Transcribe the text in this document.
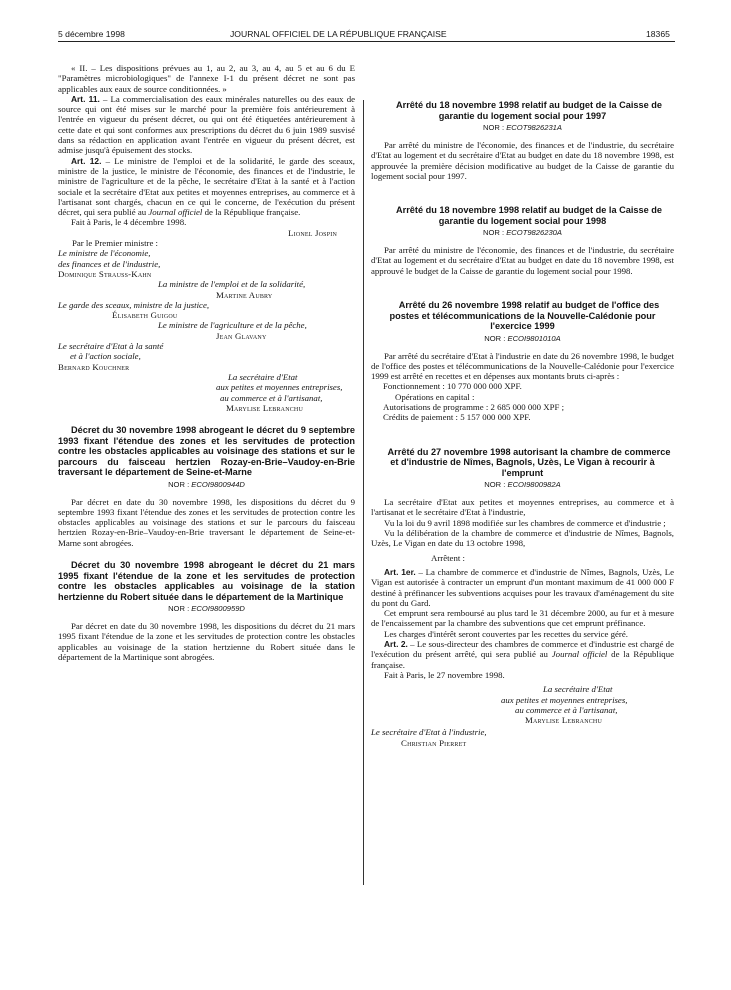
5 décembre 1998	JOURNAL OFFICIEL DE LA RÉPUBLIQUE FRANÇAISE	18365

« II. – Les dispositions prévues au 1, au 2, au 3, au 4, au 5 et au 6 du E "Paramètres microbiologiques" de l'annexe I-1 du présent décret ne sont pas applicables aux eaux de source conditionnées. »

Art. 11. – La commercialisation des eaux minérales naturelles ou des eaux de source qui ont été mises sur le marché pour la première fois antérieurement à l'entrée en vigueur du présent décret, ou qui ont été étiquetées antérieurement à cette date et qui sont conformes aux prescriptions du décret du 6 juin 1989 susvisé dans sa rédaction en application avant l'entrée en vigueur du présent décret, est admise jusqu'à épuisement des stocks.

Art. 12. – Le ministre de l'emploi et de la solidarité, le garde des sceaux, ministre de la justice, le ministre de l'économie, des finances et de l'industrie, le ministre de l'agriculture et de la pêche, le secrétaire d'Etat à la santé et à l'action sociale et la secrétaire d'Etat aux petites et moyennes entreprises, au commerce et à l'artisanat sont chargés, chacun en ce qui le concerne, de l'exécution du présent décret, qui sera publié au Journal officiel de la République française.

Fait à Paris, le 4 décembre 1998.

Lionel Jospin
Par le Premier ministre :
Le ministre de l'économie,
des finances et de l'industrie,
Dominique Strauss-Kahn
La ministre de l'emploi et de la solidarité,
Martine Aubry
Le garde des sceaux, ministre de la justice,
Élisabeth Guigou
Le ministre de l'agriculture et de la pêche,
Jean Glavany
Le secrétaire d'Etat à la santé
et à l'action sociale,
Bernard Kouchner
La secrétaire d'Etat
aux petites et moyennes entreprises,
au commerce et à l'artisanat,
Marylise Lebranchu

Décret du 30 novembre 1998 abrogeant le décret du 9 septembre 1993 fixant l'étendue des zones et les servitudes de protection contre les obstacles applicables au voisinage des stations et sur le parcours du faisceau hertzien Rozay-en-Brie–Vaudoy-en-Brie traversant le département de Seine-et-Marne

NOR : ECOI9800944D

Par décret en date du 30 novembre 1998, les dispositions du décret du 9 septembre 1993 fixant l'étendue des zones et les servitudes de protection contre les obstacles applicables au voisinage des stations et sur le parcours du faisceau hertzien Rozay-en-Brie–Vaudoy-en-Brie traversant le département de Seine-et-Marne sont abrogées.

Décret du 30 novembre 1998 abrogeant le décret du 21 mars 1995 fixant l'étendue de la zone et les servitudes de protection contre les obstacles applicables au voisinage de la station hertzienne du Robert située dans le département de la Martinique

NOR : ECOI9800959D

Par décret en date du 30 novembre 1998, les dispositions du décret du 21 mars 1995 fixant l'étendue de la zone et les servitudes de protection contre les obstacles applicables au voisinage de la station hertzienne du Robert située dans le département de la Martinique sont abrogées.

Arrêté du 18 novembre 1998 relatif au budget de la Caisse de garantie du logement social pour 1997

NOR : ECOT9826231A

Par arrêté du ministre de l'économie, des finances et de l'industrie, du secrétaire d'Etat au logement et du secrétaire d'Etat au budget en date du 18 novembre 1998, est approuvée la première décision modificative au budget de la Caisse de garantie du logement social pour 1997.

Arrêté du 18 novembre 1998 relatif au budget de la Caisse de garantie du logement social pour 1998

NOR : ECOT9826230A

Par arrêté du ministre de l'économie, des finances et de l'industrie, du secrétaire d'Etat au logement et du secrétaire d'Etat au budget en date du 18 novembre 1998, est approuvé le budget de la Caisse de garantie du logement social pour 1998.

Arrêté du 26 novembre 1998 relatif au budget de l'office des postes et télécommunications de la Nouvelle-Calédonie pour l'exercice 1999

NOR : ECOI9801010A

Par arrêté du secrétaire d'Etat à l'industrie en date du 26 novembre 1998, le budget de l'office des postes et télécommunications de la Nouvelle-Calédonie pour l'exercice 1999 est arrêté en recettes et en dépenses aux montants bruts ci-après :

Fonctionnement : 10 770 000 000 XPF.
Opérations en capital :
Autorisations de programme : 2 685 000 000 XPF ;
Crédits de paiement : 5 157 000 000 XPF.

Arrêté du 27 novembre 1998 autorisant la chambre de commerce et d'industrie de Nîmes, Bagnols, Uzès, Le Vigan à recourir à l'emprunt

NOR : ECOI9800982A

La secrétaire d'Etat aux petites et moyennes entreprises, au commerce et à l'artisanat et le secrétaire d'Etat à l'industrie,

Vu la loi du 9 avril 1898 modifiée sur les chambres de commerce et d'industrie ;

Vu la délibération de la chambre de commerce et d'industrie de Nîmes, Bagnols, Uzès, Le Vigan en date du 13 octobre 1998,

Arrêtent :

Art. 1er. – La chambre de commerce et d'industrie de Nîmes, Bagnols, Uzès, Le Vigan est autorisée à contracter un emprunt d'un montant maximum de 41 000 000 F destiné à préfinancer les subventions acquises pour les travaux d'aménagement du site du pont du Gard.

Cet emprunt sera remboursé au plus tard le 31 décembre 2000, au fur et à mesure de l'encaissement par la chambre des subventions que cet emprunt préfinance.

Les charges d'intérêt seront couvertes par les recettes du service géré.

Art. 2. – Le sous-directeur des chambres de commerce et d'industrie est chargé de l'exécution du présent arrêté, qui sera publié au Journal officiel de la République française.

Fait à Paris, le 27 novembre 1998.

La secrétaire d'Etat
aux petites et moyennes entreprises,
au commerce et à l'artisanat,
Marylise Lebranchu
Le secrétaire d'Etat à l'industrie,
Christian Pierret
